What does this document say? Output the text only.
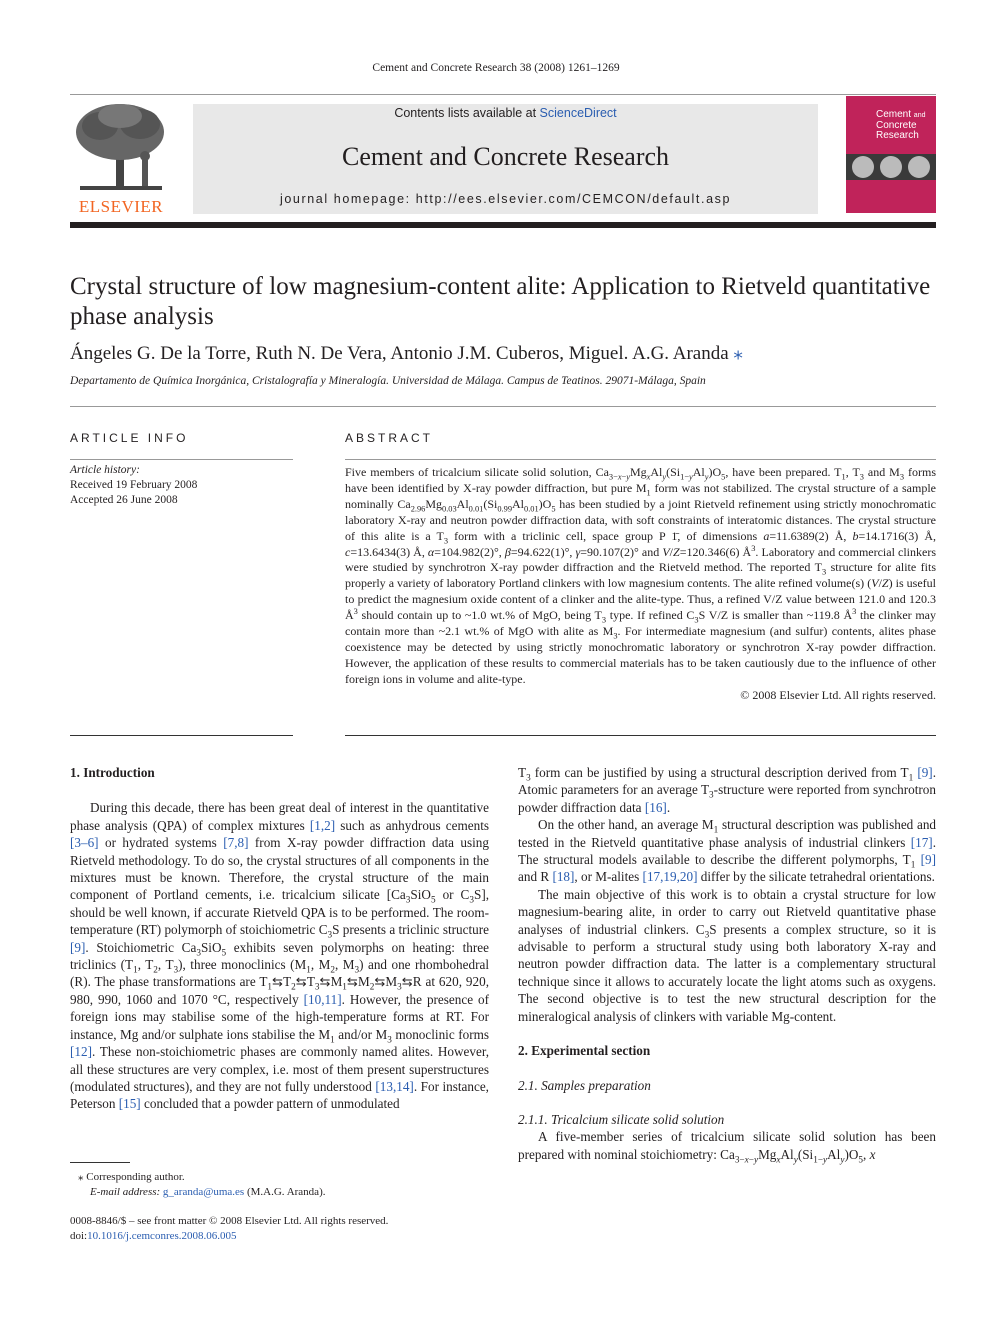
Cement and Concrete Research 38 (2008) 1261–1269
ELSEVIER
Contents lists available at ScienceDirect
Cement and Concrete Research
journal homepage: http://ees.elsevier.com/CEMCON/default.asp
Cement and
Concrete
Research
Crystal structure of low magnesium-content alite: Application to Rietveld quantitative phase analysis
Ángeles G. De la Torre, Ruth N. De Vera, Antonio J.M. Cuberos, Miguel. A.G. Aranda ⁎
Departamento de Química Inorgánica, Cristalografía y Mineralogía. Universidad de Málaga. Campus de Teatinos. 29071-Málaga, Spain
ARTICLE INFO	ABSTRACT
Article history:
Received 19 February 2008
Accepted 26 June 2008
Five members of tricalcium silicate solid solution, $Ca_{3-x-y}Mg_xAl_y(Si_{1-y}Al_y)O_5$, have been prepared. $T_1$, $T_3$ and $M_3$ forms have been identified by X-ray powder diffraction, but pure $M_1$ form was not stabilized. The crystal structure of a sample nominally $Ca_{2.96}Mg_{0.03}Al_{0.01}(Si_{0.99}Al_{0.01})O_5$ has been studied by a joint Rietveld refinement using strictly monochromatic laboratory X-ray and neutron powder diffraction data, with soft constraints of interatomic distances. The crystal structure of this alite is a $T_3$ form with a triclinic cell, space group P 1̄, of dimensions a=11.6389(2) Å, b=14.1716(3) Å, c=13.6434(3) Å, α=104.982(2)°, β=94.622(1)°, γ=90.107(2)° and V/Z=120.346(6) $Å^3$. Laboratory and commercial clinkers were studied by synchrotron X-ray powder diffraction and the Rietveld method. The reported $T_3$ structure for alite fits properly a variety of laboratory Portland clinkers with low magnesium contents. The alite refined volume(s) (V/Z) is useful to predict the magnesium oxide content of a clinker and the alite-type. Thus, a refined V/Z value between 121.0 and 120.3 $Å^3$ should contain up to ~1.0 wt.% of MgO, being $T_3$ type. If refined $C_3S$ V/Z is smaller than ~119.8 $Å^3$ the clinker may contain more than ~2.1 wt.% of MgO with alite as $M_3$. For intermediate magnesium (and sulfur) contents, alites phase coexistence may be detected by using strictly monochromatic laboratory or synchrotron X-ray powder diffraction. However, the application of these results to commercial materials has to be taken cautiously due to the influence of other foreign ions in volume and alite-type.
© 2008 Elsevier Ltd. All rights reserved.

1. Introduction

During this decade, there has been great deal of interest in the quantitative phase analysis (QPA) of complex mixtures [1,2] such as anhydrous cements [3–6] or hydrated systems [7,8] from X-ray powder diffraction data using Rietveld methodology. To do so, the crystal structures of all components in the mixtures must be known. Therefore, the crystal structure of the main component of Portland cements, i.e. tricalcium silicate [$Ca_3SiO_5$ or $C_3S$], should be well known, if accurate Rietveld QPA is to be performed. The room-temperature (RT) polymorph of stoichiometric $C_3S$ presents a triclinic structure [9]. Stoichiometric $Ca_3SiO_5$ exhibits seven polymorphs on heating: three triclinics ($T_1$, $T_2$, $T_3$), three monoclinics ($M_1$, $M_2$, $M_3$) and one rhombohedral (R). The phase transformations are $T_1⇆T_2⇆T_3⇆M_1⇆M_2⇆M_3⇆R$ at 620, 920, 980, 990, 1060 and 1070 °C, respectively [10,11]. However, the presence of foreign ions may stabilise some of the high-temperature forms at RT. For instance, Mg and/or sulphate ions stabilise the $M_1$ and/or $M_3$ monoclinic forms [12]. These non-stoichiometric phases are commonly named alites. However, all these structures are very complex, i.e. most of them present superstructures (modulated structures), and they are not fully understood [13,14]. For instance, Peterson [15] concluded that a powder pattern of unmodulated

$T_3$ form can be justified by using a structural description derived from $T_1$ [9]. Atomic parameters for an average $T_3$-structure were reported from synchrotron powder diffraction data [16].

On the other hand, an average $M_1$ structural description was published and tested in the Rietveld quantitative phase analysis of industrial clinkers [17]. The structural models available to describe the different polymorphs, $T_1$ [9] and R [18], or M-alites [17,19,20] differ by the silicate tetrahedral orientations.

The main objective of this work is to obtain a crystal structure for low magnesium-bearing alite, in order to carry out Rietveld quantitative phase analyses of industrial clinkers. $C_3S$ presents a complex structure, so it is advisable to perform a structural study using both laboratory X-ray and neutron powder diffraction data. The latter is a complementary structural technique since it allows to accurately locate the light atoms such as oxygens. The second objective is to test the new structural description for the mineralogical analysis of clinkers with variable Mg-content.

2. Experimental section

2.1. Samples preparation

2.1.1. Tricalcium silicate solid solution

A five-member series of tricalcium silicate solid solution has been prepared with nominal stoichiometry: $Ca_{3-x-y}Mg_xAl_y(Si_{1-y}Al_y)O_5$, x

⁎ Corresponding author.
E-mail address: g_aranda@uma.es (M.A.G. Aranda).
0008-8846/$ – see front matter © 2008 Elsevier Ltd. All rights reserved.
doi:10.1016/j.cemconres.2008.06.005
